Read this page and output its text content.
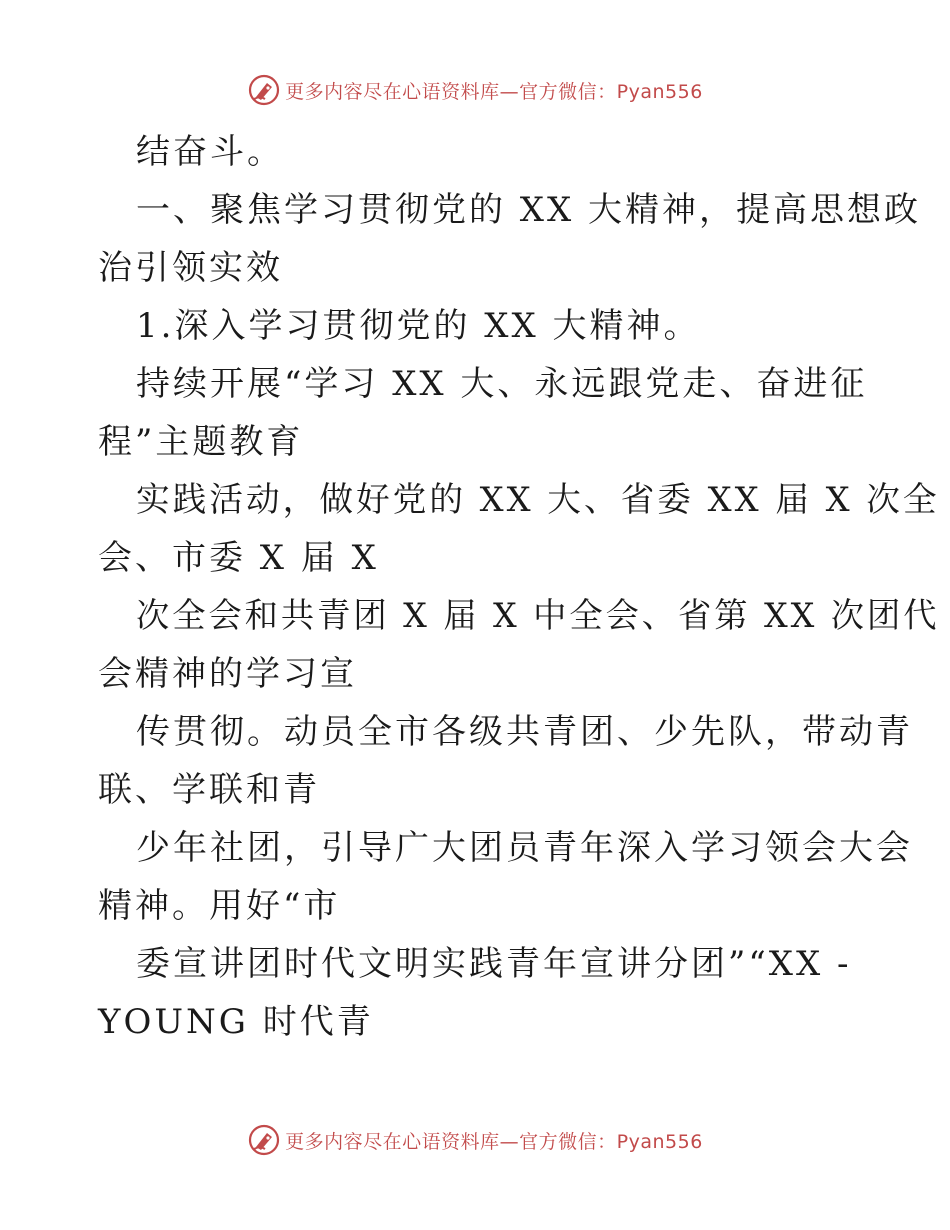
更多内容尽在心语资料库—官方微信：Pyan556
结奋斗。
一、聚焦学习贯彻党的 XX 大精神，提高思想政
治引领实效
1.深入学习贯彻党的 XX 大精神。
持续开展“学习 XX 大、永远跟党走、奋进征
程”主题教育
实践活动，做好党的 XX 大、省委 XX 届 X 次全
会、市委 X 届 X
次全会和共青团 X 届 X 中全会、省第 XX 次团代
会精神的学习宣
传贯彻。动员全市各级共青团、少先队，带动青
联、学联和青
少年社团，引导广大团员青年深入学习领会大会
精神。用好“市
委宣讲团时代文明实践青年宣讲分团”“XX -
YOUNG 时代青
更多内容尽在心语资料库—官方微信：Pyan556
